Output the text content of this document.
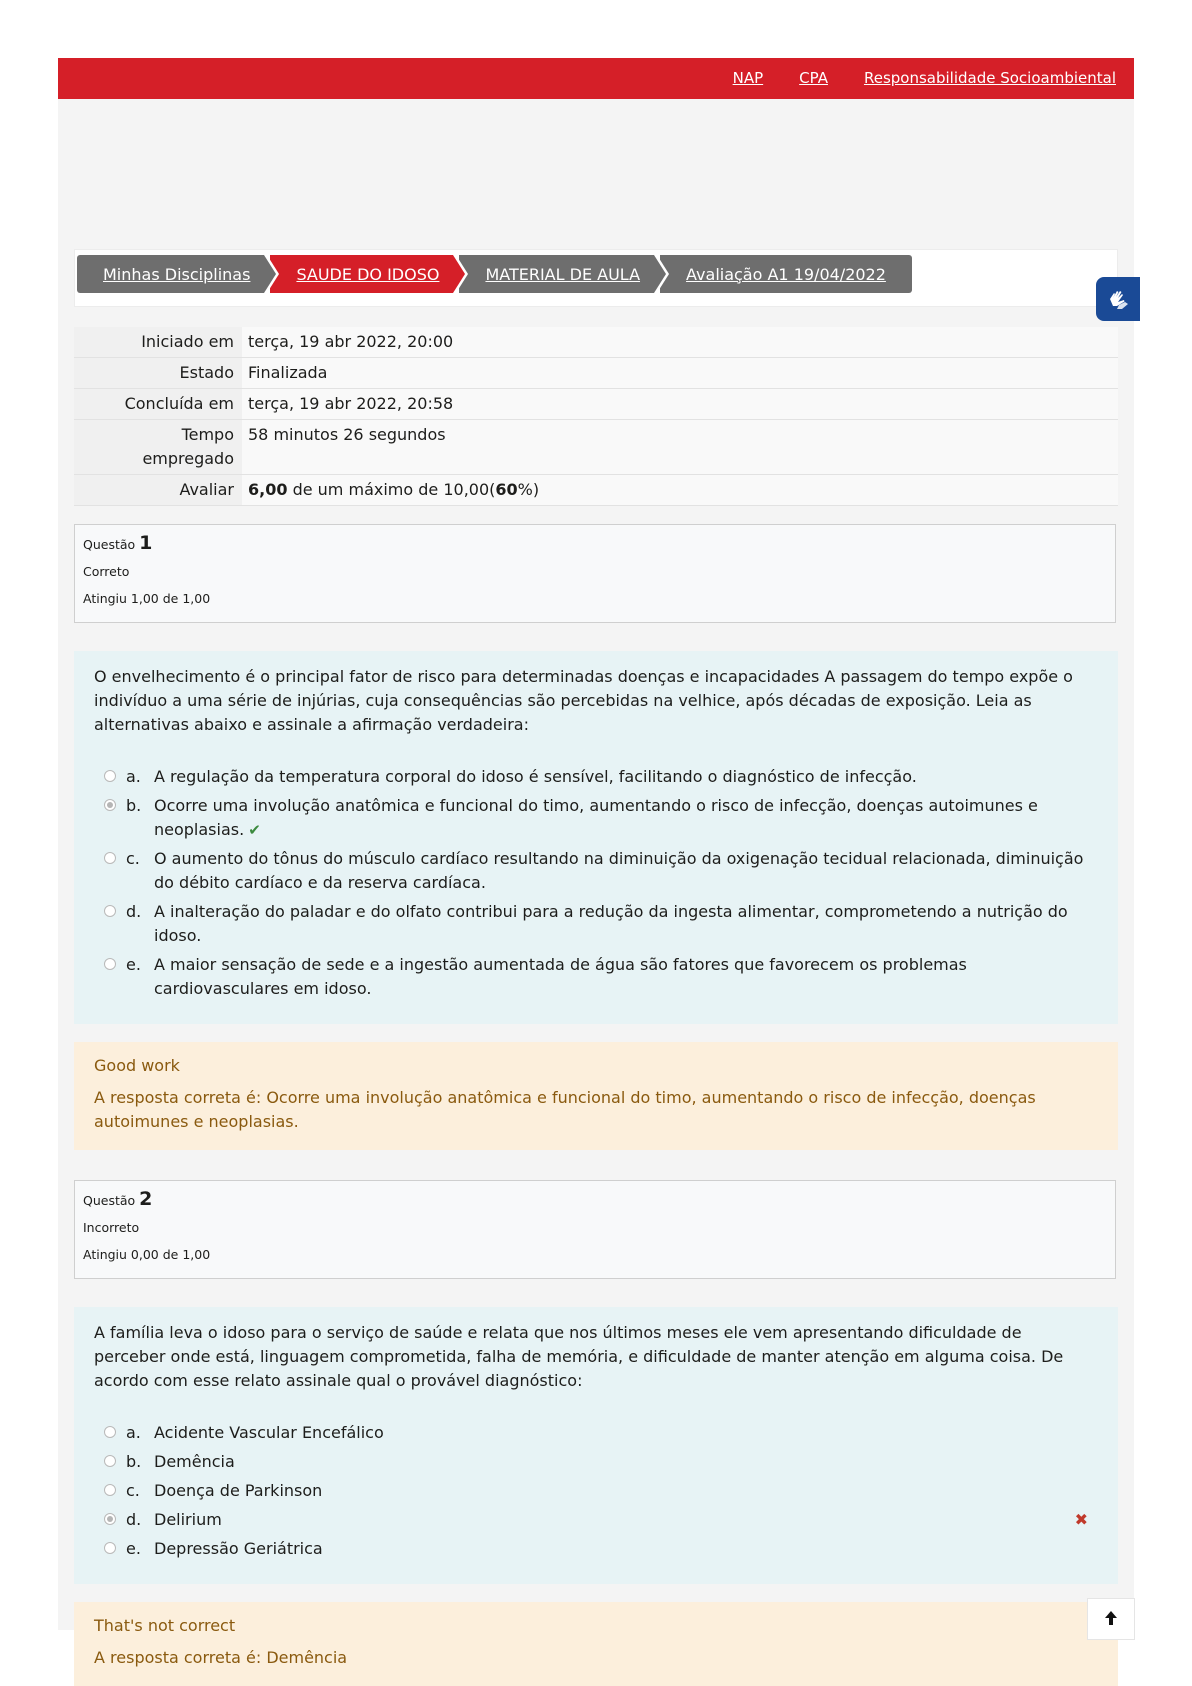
NAP CPA Responsabilidade Socioambiental
Minhas Disciplinas	SAUDE DO IDOSO	MATERIAL DE AULA	Avaliação A1 19/04/2022
Iniciado em	terça, 19 abr 2022, 20:00
Estado	Finalizada
Concluída em	terça, 19 abr 2022, 20:58
Tempo
empregado	58 minutos 26 segundos
Avaliar	6,00 de um máximo de 10,00(60%)
Questão 1
Correto
Atingiu 1,00 de 1,00
O envelhecimento é o principal fator de risco para determinadas doenças e incapacidades A passagem do tempo expõe o indivíduo a uma série de injúrias, cuja consequências são percebidas na velhice, após décadas de exposição. Leia as alternativas abaixo e assinale a afirmação verdadeira:
a. A regulação da temperatura corporal do idoso é sensível, facilitando o diagnóstico de infecção.
b. Ocorre uma involução anatômica e funcional do timo, aumentando o risco de infecção, doenças autoimunes e neoplasias. ✔
c. O aumento do tônus do músculo cardíaco resultando na diminuição da oxigenação tecidual relacionada, diminuição do débito cardíaco e da reserva cardíaca.
d. A inalteração do paladar e do olfato contribui para a redução da ingesta alimentar, comprometendo a nutrição do idoso.
e. A maior sensação de sede e a ingestão aumentada de água são fatores que favorecem os problemas cardiovasculares em idoso.
Good work
A resposta correta é: Ocorre uma involução anatômica e funcional do timo, aumentando o risco de infecção, doenças autoimunes e neoplasias.
Questão 2
Incorreto
Atingiu 0,00 de 1,00
A família leva o idoso para o serviço de saúde e relata que nos últimos meses ele vem apresentando dificuldade de perceber onde está, linguagem comprometida, falha de memória, e dificuldade de manter atenção em alguma coisa. De acordo com esse relato assinale qual o provável diagnóstico:
a. Acidente Vascular Encefálico
b. Demência
c. Doença de Parkinson
d. Delirium	✖
e. Depressão Geriátrica
That's not correct
A resposta correta é: Demência
